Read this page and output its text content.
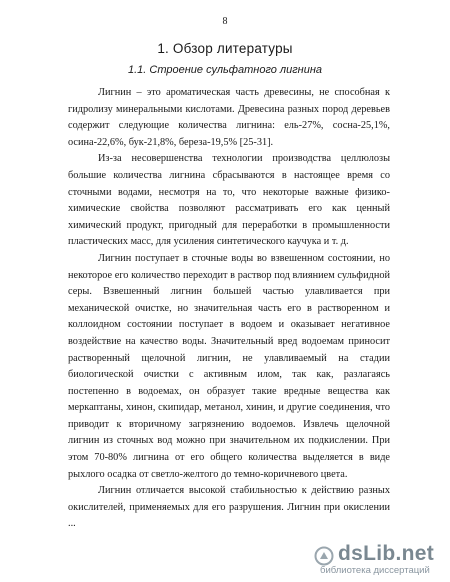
8
1. Обзор литературы
1.1. Строение сульфатного лигнина

Лигнин – это ароматическая часть древесины, не способная к гидролизу минеральными кислотами. Древесина разных пород деревьев содержит следующие количества лигнина: ель-27%, сосна-25,1%, осина-22,6%, бук-21,8%, береза-19,5% [25-31].

Из-за несовершенства технологии производства целлюлозы большие количества лигнина сбрасываются в настоящее время со сточными водами, несмотря на то, что некоторые важные физико-химические свойства позволяют рассматривать его как ценный химический продукт, пригодный для переработки в промышленности пластических масс, для усиления синтетического каучука и т. д.

Лигнин поступает в сточные воды во взвешенном состоянии, но некоторое его количество переходит в раствор под влиянием сульфидной серы. Взвешенный лигнин большей частью улавливается при механической очистке, но значительная часть его в растворенном и коллоидном состоянии поступает в водоем и оказывает негативное воздействие на качество воды. Значительный вред водоемам приносит растворенный щелочной лигнин, не улавливаемый на стадии биологической очистки с активным илом, так как, разлагаясь постепенно в водоемах, он образует такие вредные вещества как меркаптаны, хинон, скипидар, метанол, хинин, и другие соединения, что приводит к вторичному загрязнению водоемов. Извлечь щелочной лигнин из сточных вод можно при значительном их подкислении. При этом 70-80% лигнина от его общего количества выделяется в виде рыхлого осадка от светло-желтого до темно-коричневого цвета.

Лигнин отличается высокой стабильностью к действию разных окислителей, применяемых для его разрушения. Лигнин при окислении ...

dsLib.net
библиотека диссертаций
